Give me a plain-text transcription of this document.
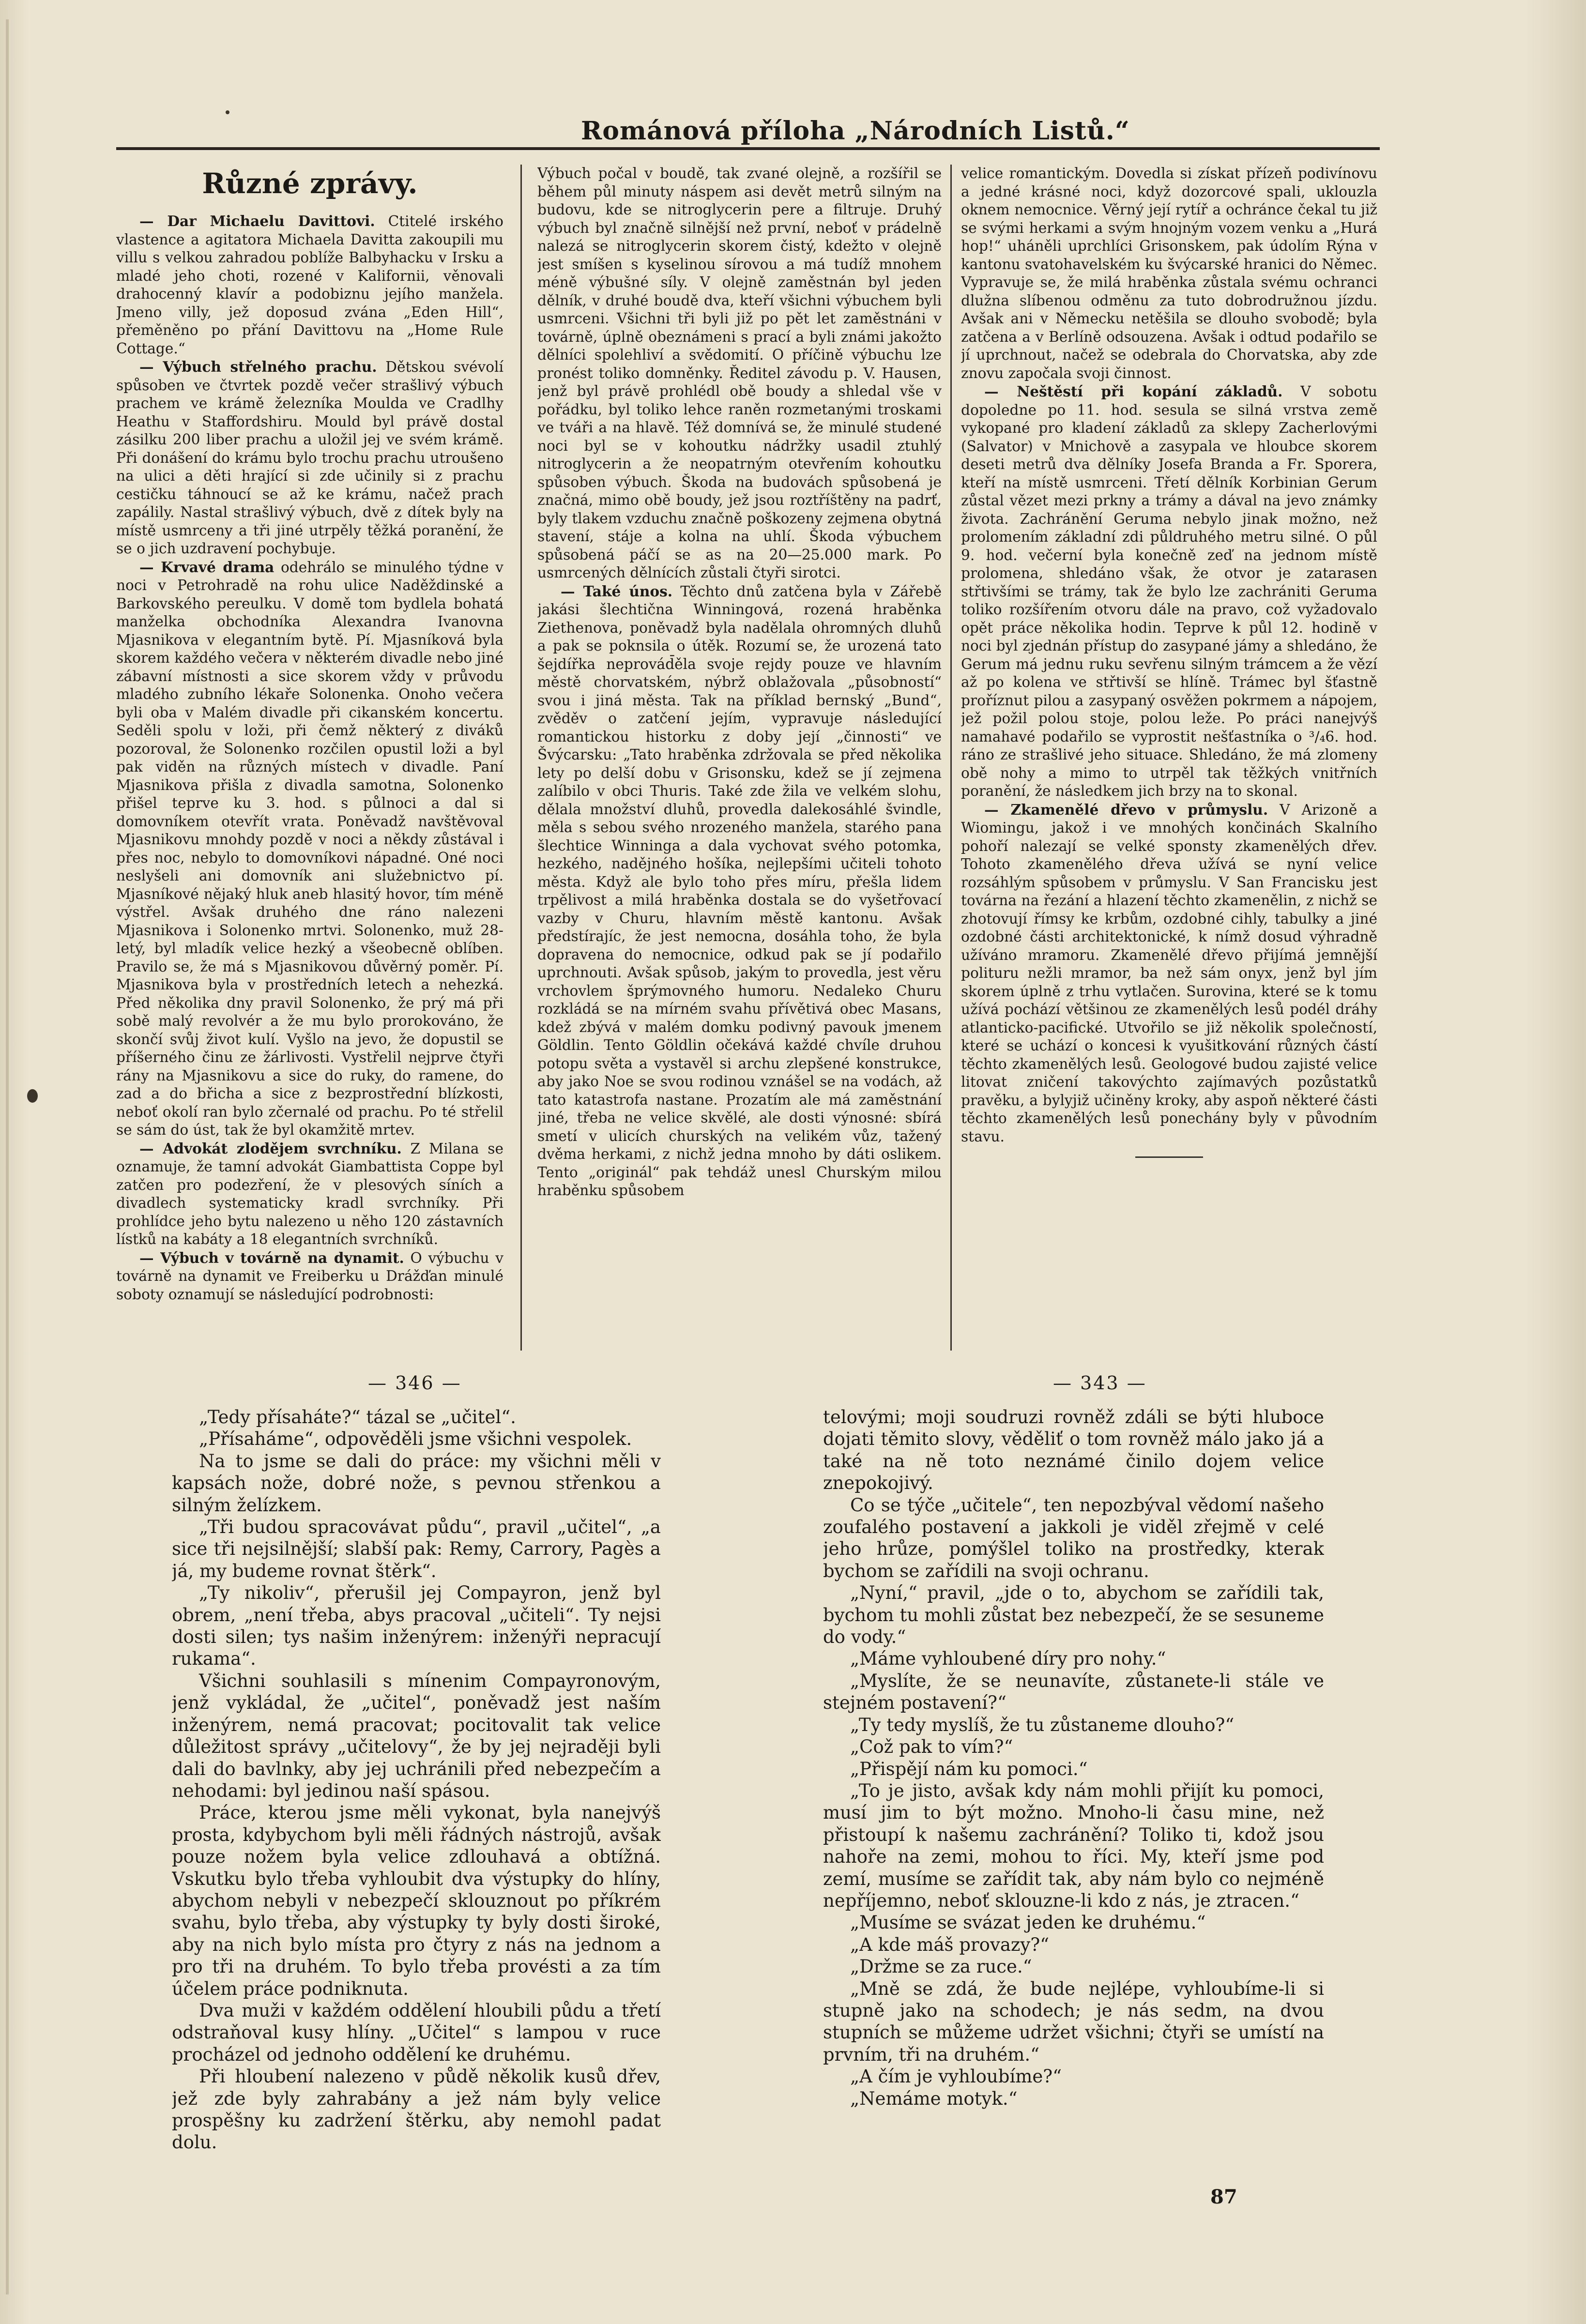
Románová příloha „Národních Listů.“
Různé zprávy.

— Dar Michaelu Davittovi. Ctitelé irského vlastence a agitatora Michaela Davitta zakoupili mu villu s velkou zahradou poblíže Balbyhacku v Irsku a mladé jeho choti, rozené v Kalifornii, věnovali drahocenný klavír a podobiznu jejího manžela. Jmeno villy, jež doposud zvána „Eden Hill“, přeměněno po přání Davittovu na „Home Rule Cottage.“

— Výbuch střelného prachu. Dětskou svévolí spůsoben ve čtvrtek pozdě večer strašlivý výbuch prachem ve krámě železníka Moulda ve Cradlhy Heathu v Staffordshiru. Mould byl právě dostal zásilku 200 liber prachu a uložil jej ve svém krámě. Při donášení do krámu bylo trochu prachu utroušeno na ulici a děti hrající si zde učinily si z prachu cestičku táhnoucí se až ke krámu, načež prach zapálily. Nastal strašlivý výbuch, dvě z dítek byly na místě usmrceny a tři jiné utrpěly těžká poranění, že se o jich uzdravení pochybuje.

— Krvavé drama odehrálo se minulého týdne v noci v Petrohradě na rohu ulice Naděždinské a Barkovského pereulku. V domě tom bydlela bohatá manželka obchodníka Alexandra Ivanovna Mjasnikova v elegantním bytě. Pí. Mjasníková byla skorem každého večera v některém divadle nebo jiné zábavní místnosti a sice skorem vždy v průvodu mladého zubního lékaře Solonenka. Onoho večera byli oba v Malém divadle při cikanském koncertu. Seděli spolu v loži, při čemž některý z diváků pozoroval, že Solonenko rozčilen opustil loži a byl pak viděn na různých místech v divadle. Paní Mjasnikova přišla z divadla samotna, Solonenko přišel teprve ku 3. hod. s půlnoci a dal si domovníkem otevřít vrata. Poněvadž navštěvoval Mjasnikovu mnohdy pozdě v noci a někdy zůstával i přes noc, nebylo to domovníkovi nápadné. Oné noci neslyšeli ani domovník ani služebnictvo pí. Mjasníkové nějaký hluk aneb hlasitý hovor, tím méně výstřel. Avšak druhého dne ráno nalezeni Mjasnikova i Solonenko mrtvi. Solonenko, muž 28-letý, byl mladík velice hezký a všeobecně oblíben. Pravilo se, že má s Mjasnikovou důvěrný poměr. Pí. Mjasnikova byla v prostředních letech a nehezká. Před několika dny pravil Solonenko, že prý má při sobě malý revolvér a že mu bylo prorokováno, že skončí svůj život kulí. Vyšlo na jevo, že dopustil se příšerného činu ze žárlivosti. Vystřelil nejprve čtyři rány na Mjasnikovu a sice do ruky, do ramene, do zad a do břicha a sice z bezprostřední blízkosti, neboť okolí ran bylo zčernalé od prachu. Po té střelil se sám do úst, tak že byl okamžitě mrtev.

— Advokát zlodějem svrchníku. Z Milana se oznamuje, že tamní advokát Giambattista Coppe byl zatčen pro podezření, že v plesových síních a divadlech systematicky kradl svrchníky. Při prohlídce jeho bytu nalezeno u něho 120 zástavních lístků na kabáty a 18 elegantních svrchníků.

— Výbuch v továrně na dynamit. O výbuchu v továrně na dynamit ve Freiberku u Drážďan minulé soboty oznamují se následující podrobnosti:

Výbuch počal v boudě, tak zvané olejně, a rozšířil se během půl minuty náspem asi devět metrů silným na budovu, kde se nitroglycerin pere a filtruje. Druhý výbuch byl značně silnější než první, neboť v prádelně nalezá se nitroglycerin skorem čistý, kdežto v olejně jest smíšen s kyselinou sírovou a má tudíž mnohem méně výbušné síly. V olejně zaměstnán byl jeden dělník, v druhé boudě dva, kteří všichni výbuchem byli usmrceni. Všichni tři byli již po pět let zaměstnáni v továrně, úplně obeznámeni s prací a byli známi jakožto dělníci spolehliví a svědomití. O příčině výbuchu lze pronést toliko domněnky. Ředitel závodu p. V. Hausen, jenž byl právě prohlédl obě boudy a shledal vše v pořádku, byl toliko lehce raněn rozmetanými troskami ve tváři a na hlavě. Též domnívá se, že minulé studené noci byl se v kohoutku nádržky usadil ztuhlý nitroglycerin a že neopatrným otevřením kohoutku spůsoben výbuch. Škoda na budovách spůsobená je značná, mimo obě boudy, jež jsou roztříštěny na padrť, byly tlakem vzduchu značně poškozeny zejmena obytná stavení, stáje a kolna na uhlí. Škoda výbuchem spůsobená páčí se as na 20—25.000 mark. Po usmrcených dělnících zůstali čtyři sirotci.

— Také únos. Těchto dnů zatčena byla v Zářebě jakási šlechtična Winningová, rozená hraběnka Ziethenova, poněvadž byla nadělala ohromných dluhů a pak se poknsila o útěk. Rozumí se, že urozená tato šejdířka neprovád̄ěla svoje rejdy pouze ve hlavním městě chorvatském, nýbrž oblažovala „působností“ svou i jiná města. Tak na příklad bernský „Bund“, zvěděv o zatčení jejím, vypravuje následující romantickou historku z doby její „činnosti“ ve Švýcarsku: „Tato hraběnka zdržovala se před několika lety po delší dobu v Grisonsku, kdež se jí zejmena zalíbilo v obci Thuris. Také zde žila ve velkém slohu, dělala množství dluhů, provedla dalekosáhlé švindle, měla s sebou svého nrozeného manžela, starého pana šlechtice Winninga a dala vychovat svého potomka, hezkého, nadějného hošíka, nejlepšími učiteli tohoto města. Když ale bylo toho přes míru, přešla lidem trpělivost a milá hraběnka dostala se do vyšetřovací vazby v Churu, hlavním městě kantonu. Avšak předstírajíc, že jest nemocna, dosáhla toho, že byla dopravena do nemocnice, odkud pak se jí podařilo uprchnouti. Avšak spůsob, jakým to provedla, jest věru vrchovlem šprýmovného humoru. Nedaleko Churu rozkládá se na mírném svahu přívětivá obec Masans, kdež zbývá v malém domku podivný pavouk jmenem Göldlin. Tento Göldlin očekává každé chvíle druhou potopu světa a vystavěl si archu zlepšené konstrukce, aby jako Noe se svou rodinou vznášel se na vodách, až tato katastrofa nastane. Prozatím ale má zaměstnání jiné, třeba ne velice skvělé, ale dosti výnosné: sbírá smetí v ulicích churských na velikém vůz, tažený dvěma herkami, z nichž jedna mnoho by dáti osli̇kem. Tento „originál“ pak tehdáž unesl Churským milou hraběnku spůsobem

velice romantickým. Dovedla si získat přízeň podivínovu a jedné krásné noci, když dozorcové spali, uklouzla oknem nemocnice. Věrný její rytíř a ochránce čekal tu již se svými herkami a svým hnojným vozem venku a „Hurá hop!“ uháněli uprchlíci Grisonskem, pak údolím Rýna v kantonu svatohavelském ku švýcarské hranici do Němec. Vypravuje se, že milá hraběnka zůstala svému ochranci dlužna slíbenou odměnu za tuto dobrodružnou jízdu. Avšak ani v Německu netěšila se dlouho svobodě; byla zatčena a v Berlíně odsouzena. Avšak i odtud podařilo se jí uprchnout, načež se odebrala do Chorvatska, aby zde znovu započala svoji činnost.

— Neštěstí při kopání základů. V sobotu dopoledne po 11. hod. sesula se silná vrstva země vykopané pro kladení základů za sklepy Zacherlovými (Salvator) v Mnichově a zasypala ve hloubce skorem deseti metrů dva dělníky Josefa Branda a Fr. Sporera, kteří na místě usmrceni. Třetí dělník Korbinian Gerum zůstal vězet mezi prkny a trámy a dával na jevo známky života. Zachránění Geruma nebylo jinak možno, než prolomením základní zdi půldruhého metru silné. O půl 9. hod. večerní byla konečně zeď na jednom místě prolomena, shledáno však, že otvor je zatarasen střtivšími se trámy, tak že bylo lze zachrániti Geruma toliko rozšířením otvoru dále na pravo, což vyžadovalo opět práce několika hodin. Teprve k půl 12. hodině v noci byl zjednán přístup do zasypané jámy a shledáno, že Gerum má jednu ruku sevřenu silným trámcem a že vězí až po kolena ve střtivší se hlíně. Trámec byl šťastně proříznut pilou a zasypaný osvěžen pokrmem a nápojem, jež požil polou stoje, polou leže. Po práci nanejvýš namahavé podařilo se vyprostit nešťastníka o ³/₄6. hod. ráno ze strašlivé jeho situace. Shledáno, že má zlomeny obě nohy a mimo to utrpěl tak těžkých vnitřních poranění, že následkem jich brzy na to skonal.

— Zkamenělé dřevo v průmyslu. V Arizoně a Wiomingu, jakož i ve mnohých končinách Skalního pohoří nalezají se velké sponsty zkamenělých dřev. Tohoto zkamenělého dřeva užívá se nyní velice rozsáhlým spůsobem v průmyslu. V San Francisku jest továrna na řezání a hlazení těchto zkamenělin, z nichž se zhotovují římsy ke krbům, ozdobné cihly, tabulky a jiné ozdobné části architektonické, k nímž dosud výhradně užíváno mramoru. Zkamenělé dřevo přijímá jemnější polituru nežli mramor, ba než sám onyx, jenž byl jím skorem úplně z trhu vytlačen. Surovina, které se k tomu užívá pochází většinou ze zkamenělých lesů podél dráhy atlanticko-pacifické. Utvořilo se již několik společností, které se uchází o koncesi k vyušitkování různých částí těchto zkamenělých lesů. Geologové budou zajisté velice litovat zničení takovýchto zajímavých pozůstatků pravěku, a bylyjiž učiněny kroky, aby aspoň některé části těchto zkamenělých lesů ponechány byly v původním stavu.

— 346 —	— 343 —

„Tedy přísaháte?“ tázal se „učitel“.

„Přísaháme“, odpověděli jsme všichni vespolek.

Na to jsme se dali do práce: my všichni měli v kapsách nože, dobré nože, s pevnou střenkou a silným želízkem.

„Tři budou spracovávat půdu“, pravil „učitel“, „a sice tři nejsilnější; slabší pak: Remy, Carrory, Pagès a já, my budeme rovnat štěrk“.

„Ty nikoliv“, přerušil jej Compayron, jenž byl obrem, „není třeba, abys pracoval „učiteli“. Ty nejsi dosti silen; tys našim inženýrem: inženýři nepracují rukama“.

Všichni souhlasili s mínenim Compayronovým, jenž vykládal, že „učitel“, poněvadž jest naším inženýrem, nemá pracovat; pocitovalit tak velice důležitost správy „učitelovy“, že by jej nejraději byli dali do bavlnky, aby jej uchránili před nebezpečím a nehodami: byl jedinou naší spásou.

Práce, kterou jsme měli vykonat, byla nanejvýš prosta, kdybychom byli měli řádných nástrojů, avšak pouze nožem byla velice zdlouhavá a obtížná. Vskutku bylo třeba vyhloubit dva výstupky do hlíny, abychom nebyli v nebezpečí sklouznout po příkrém svahu, bylo třeba, aby výstupky ty byly dosti široké, aby na nich bylo místa pro čtyry z nás na jednom a pro tři na druhém. To bylo třeba provésti a za tím účelem práce podniknuta.

Dva muži v každém oddělení hloubili půdu a třetí odstraňoval kusy hlíny. „Učitel“ s lampou v ruce procházel od jednoho oddělení ke druhému.

Při hloubení nalezeno v půdě několik kusů dřev, jež zde byly zahrabány a jež nám byly velice prospěšny ku zadržení štěrku, aby nemohl padat dolu.

telovými; moji soudruzi rovněž zdáli se býti hluboce dojati těmito slovy, věděliť o tom rovněž málo jako já a také na ně toto neznámé čini̇lo dojem velice znepokojivý.

Co se týče „učitele“, ten nepozbýval vědomí našeho zoufalého postavení a jakkoli je viděl zřejmě v celé jeho hrůze, pomýšlel toliko na prostředky, kterak bychom se zařídili na svoji ochranu.

„Nyní,“ pravil, „jde o to, abychom se zařídili tak, bychom tu mohli zůstat bez nebezpečí, že se sesuneme do vody.“

„Máme vyhloubené díry pro nohy.“

„Myslíte, že se neunavíte, zůstanete-li stále ve stejném postavení?“

„Ty tedy myslíš, že tu zůstaneme dlouho?“

„Což pak to vím?“

„Přispějí nám ku pomoci.“

„To je jisto, avšak kdy nám mohli přijít ku pomoci, musí jim to být možno. Mnoho-li času mine, než přistoupí k našemu zachránění? Toliko ti, kdož jsou nahoře na zemi, mohou to říci. My, kteří jsme pod zemí, musíme se zařídit tak, aby nám bylo co nejméně nepříjemno, neboť sklouzne-li kdo z nás, je ztracen.“

„Musíme se svázat jeden ke druhému.“

„A kde máš provazy?“

„Držme se za ruce.“

„Mně se zdá, že bude nejlépe, vyhloubíme-li si stupně jako na schodech; je nás sedm, na dvou stupních se můžeme udržet všichni; čtyři se umístí na prvním, tři na druhém.“

„A čím je vyhloubíme?“

„Nemáme motyk.“

87
